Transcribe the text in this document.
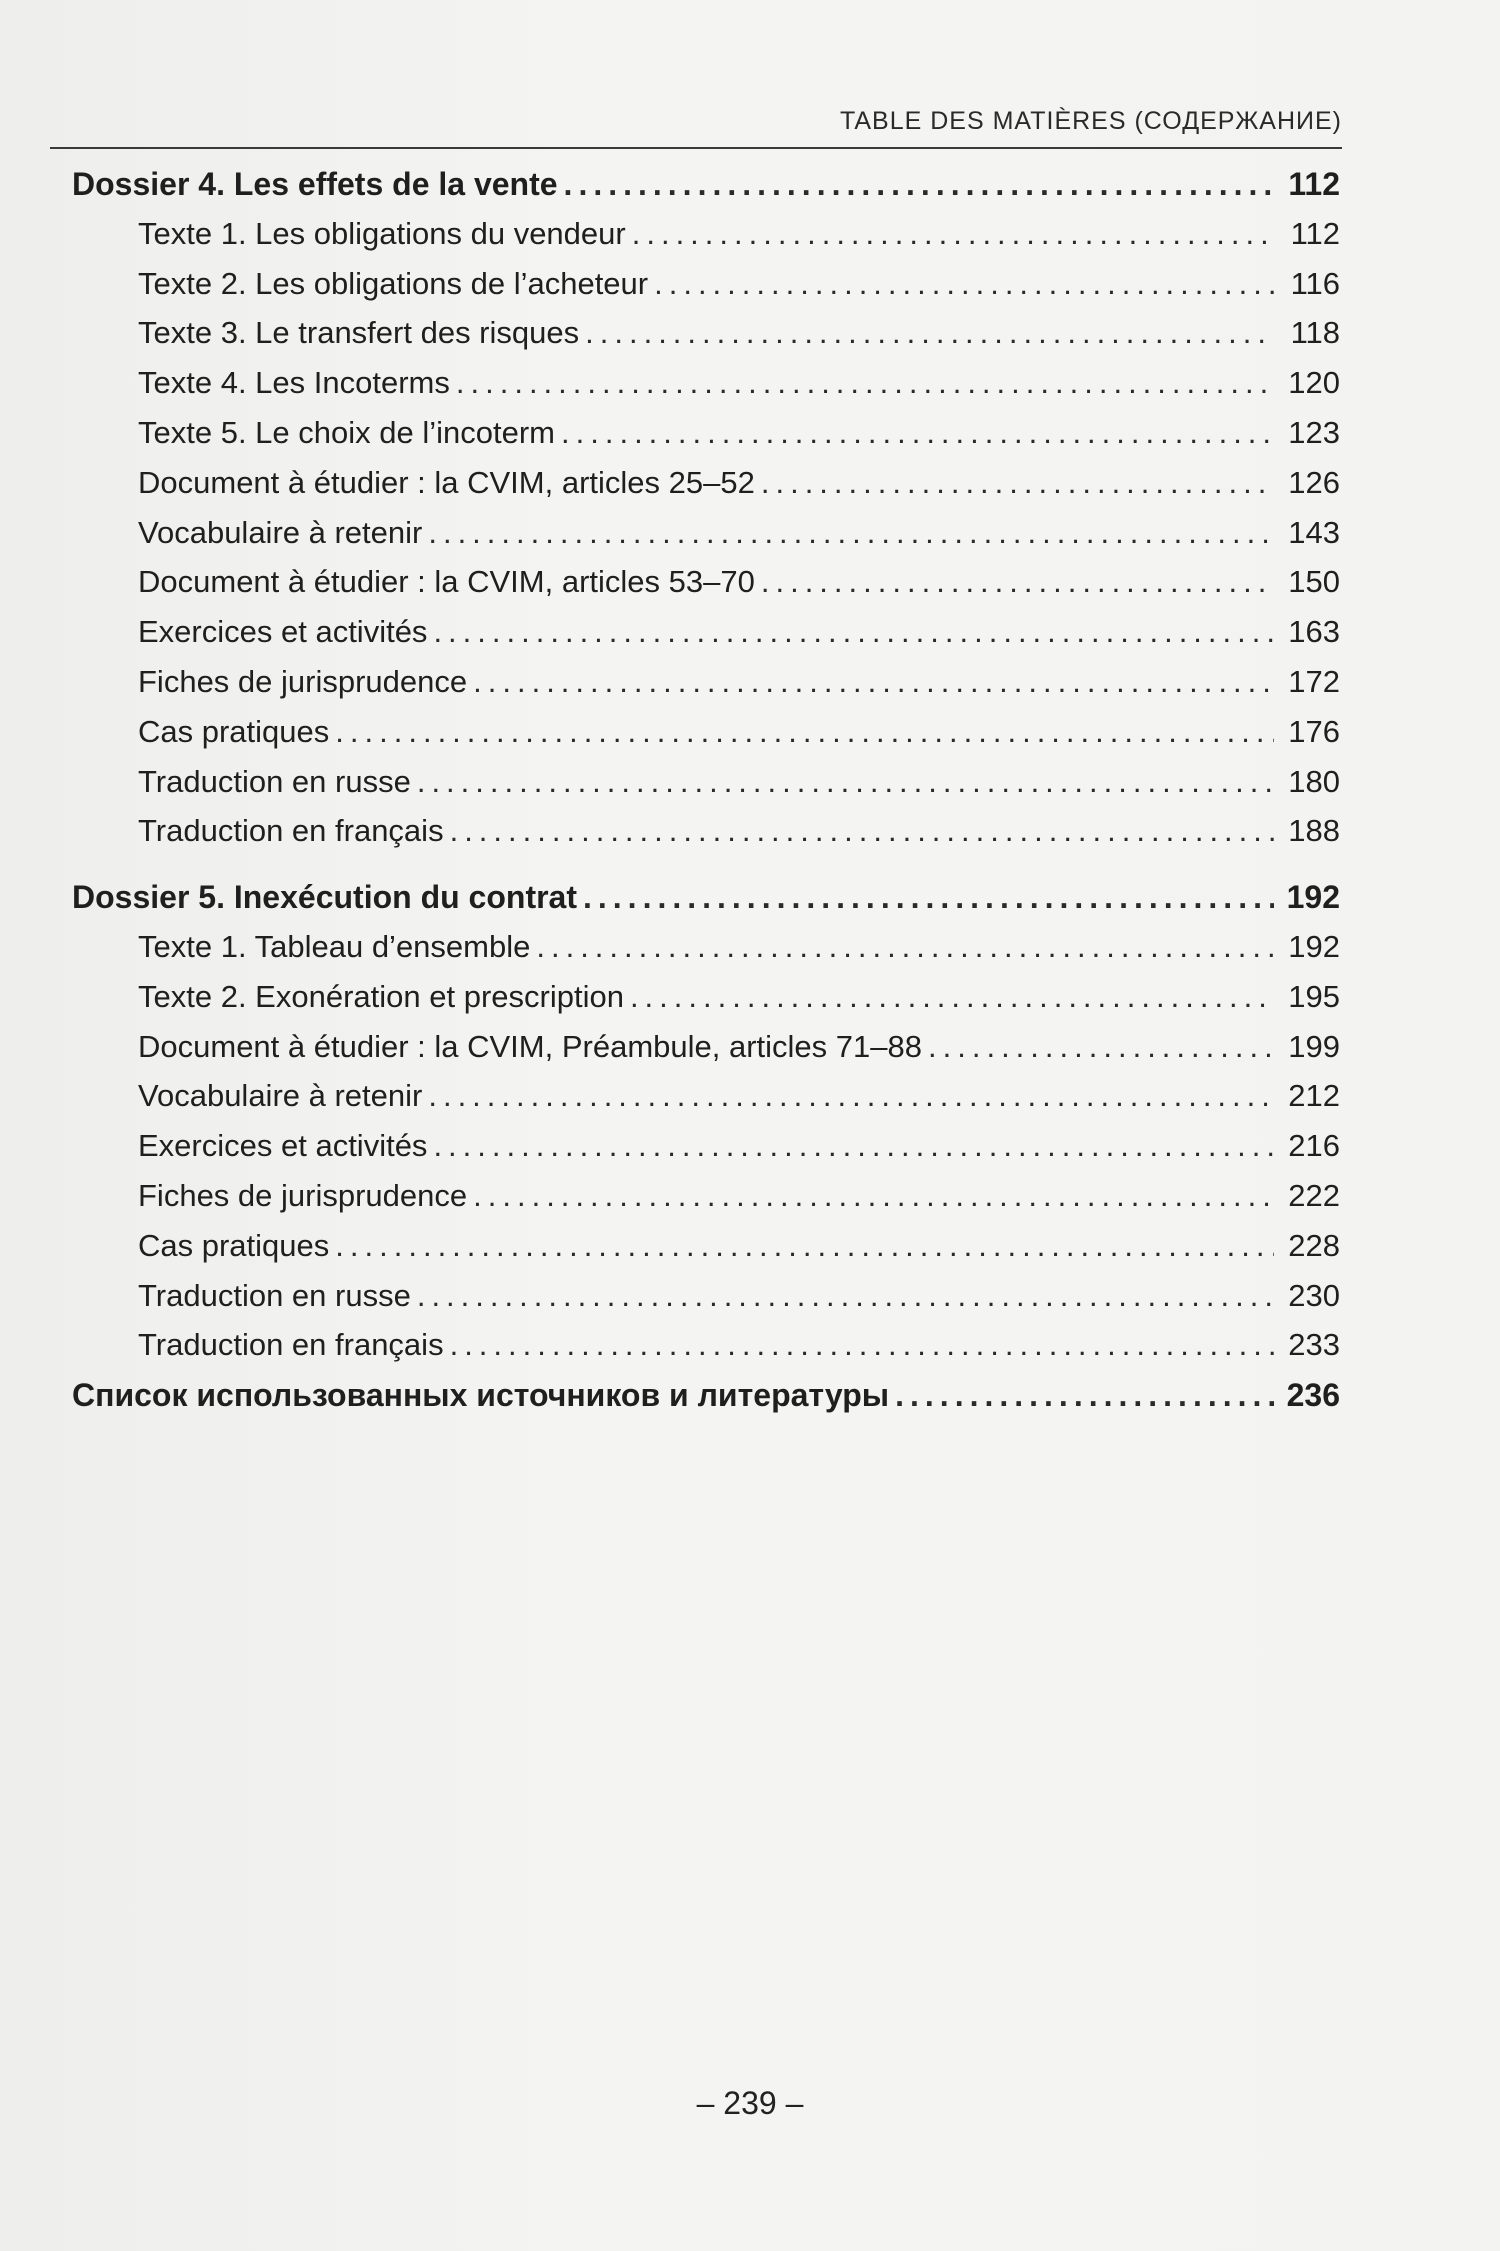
TABLE DES MATIÈRES (СОДЕРЖАНИЕ)
Dossier 4. Les effets de la vente .....	112
Texte 1. Les obligations du vendeur .....	112
Texte 2. Les obligations de l’acheteur .....	116
Texte 3. Le transfert des risques .....	118
Texte 4. Les Incoterms .....	120
Texte 5. Le choix de l’incoterm .....	123
Document à étudier : la CVIM, articles 25–52 .....	126
Vocabulaire à retenir .....	143
Document à étudier : la CVIM, articles 53–70 .....	150
Exercices et activités .....	163
Fiches de jurisprudence .....	172
Cas pratiques .....	176
Traduction en russe .....	180
Traduction en français .....	188
Dossier 5. Inexécution du contrat .....	192
Texte 1. Tableau d’ensemble .....	192
Texte 2. Exonération et prescription .....	195
Document à étudier : la CVIM, Préambule, articles 71–88 .....	199
Vocabulaire à retenir .....	212
Exercices et activités .....	216
Fiches de jurisprudence .....	222
Cas pratiques .....	228
Traduction en russe .....	230
Traduction en français .....	233
Список использованных источников и литературы .....	236
– 239 –
